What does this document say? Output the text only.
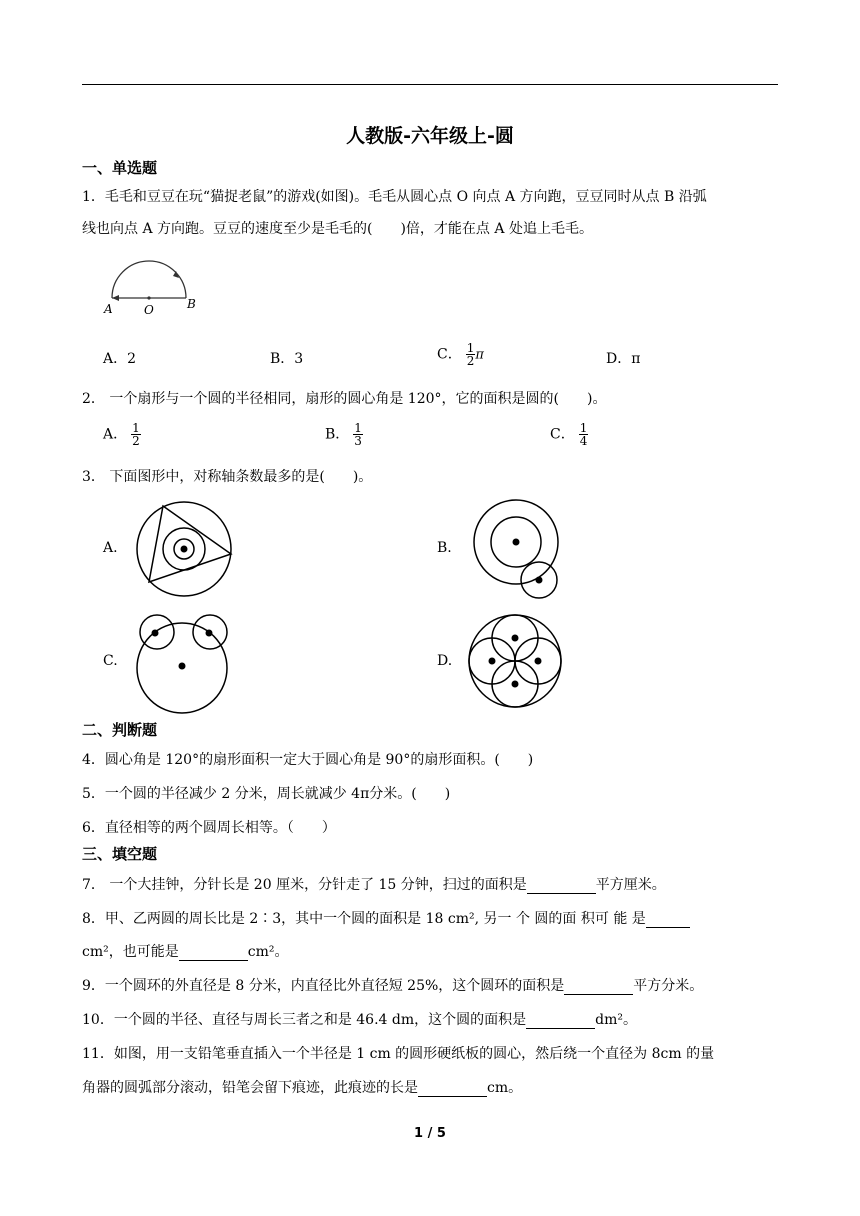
人教版-六年级上-圆
一、单选题
1．毛毛和豆豆在玩“猫捉老鼠”的游戏(如图)。毛毛从圆心点 O 向点 A 方向跑，豆豆同时从点 B 沿弧
线也向点 A 方向跑。豆豆的速度至少是毛毛的(　　)倍，才能在点 A 处追上毛毛。
A	O	B
A．2	B．3	C． $\frac{1}{2}$ π	D．π
2． 一个扇形与一个圆的半径相同，扇形的圆心角是 120°，它的面积是圆的(　　)。
A． $\frac{1}{2}$	B． $\frac{1}{3}$	C． $\frac{1}{4}$
3． 下面图形中，对称轴条数最多的是(　　)。
A.	B.
C.	D.
二、判断题
4．圆心角是 120°的扇形面积一定大于圆心角是 90°的扇形面积。(　　)
5．一个圆的半径减少 2 分米，周长就减少 4π分米。(　　)
6．直径相等的两个圆周长相等。（　　）
三、填空题
7． 一个大挂钟，分针长是 20 厘米，分针走了 15 分钟，扫过的面积是	平方厘米。
8．甲、乙两圆的周长比是 2∶3，其中一个圆的面积是 18 cm², 另一 个 圆的面 积可 能 是
cm²，也可能是	cm²。
9．一个圆环的外直径是 8 分米，内直径比外直径短 25%，这个圆环的面积是	平方分米。
10．一个圆的半径、直径与周长三者之和是 46.4 dm，这个圆的面积是	dm²。
11．如图，用一支铅笔垂直插入一个半径是 1 cm 的圆形硬纸板的圆心，然后绕一个直径为 8cm 的量
角器的圆弧部分滚动，铅笔会留下痕迹，此痕迹的长是	cm。
1 / 5
